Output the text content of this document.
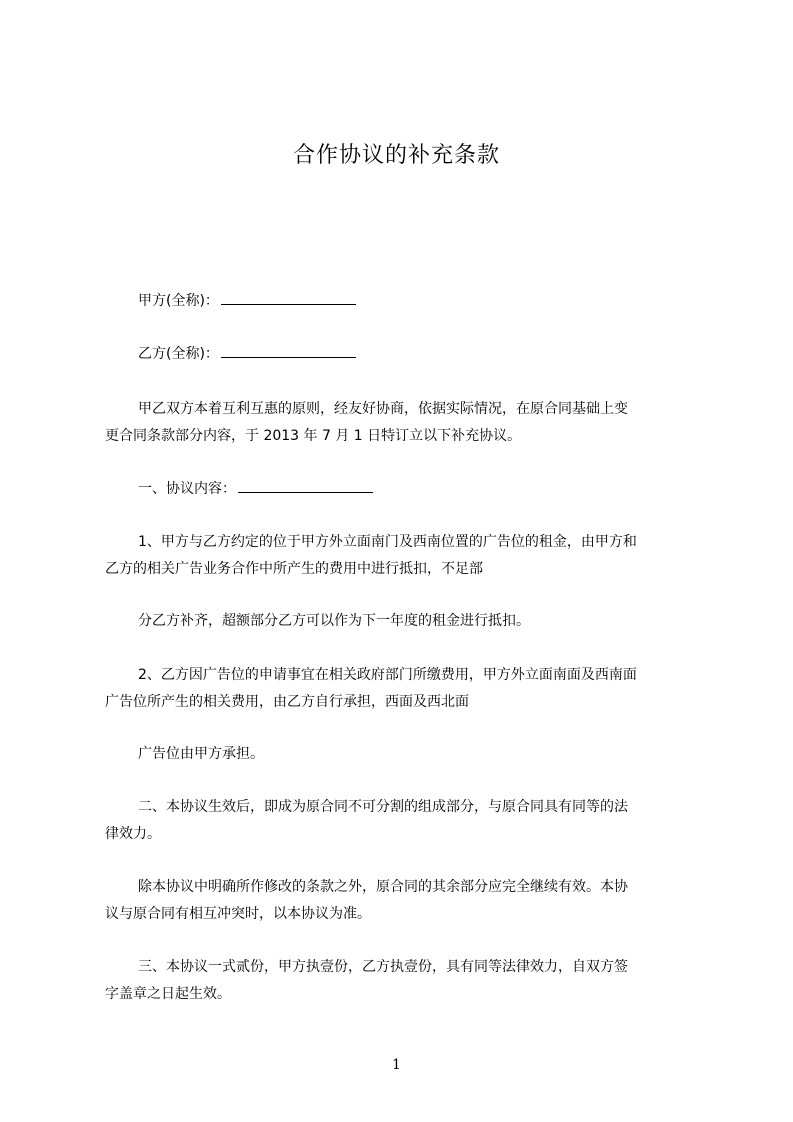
合作协议的补充条款
甲方(全称)：
乙方(全称)：
甲乙双方本着互利互惠的原则，经友好协商，依据实际情况，在原合同基础上变
更合同条款部分内容，于 2013 年 7 月 1 日特订立以下补充协议。
一、协议内容：
1、甲方与乙方约定的位于甲方外立面南门及西南位置的广告位的租金，由甲方和
乙方的相关广告业务合作中所产生的费用中进行抵扣，不足部
分乙方补齐，超额部分乙方可以作为下一年度的租金进行抵扣。
2、乙方因广告位的申请事宜在相关政府部门所缴费用，甲方外立面南面及西南面
广告位所产生的相关费用，由乙方自行承担，西面及西北面
广告位由甲方承担。
二、本协议生效后，即成为原合同不可分割的组成部分，与原合同具有同等的法
律效力。
除本协议中明确所作修改的条款之外，原合同的其余部分应完全继续有效。本协
议与原合同有相互冲突时，以本协议为准。
三、本协议一式贰份，甲方执壹份，乙方执壹份，具有同等法律效力，自双方签
字盖章之日起生效。
1
